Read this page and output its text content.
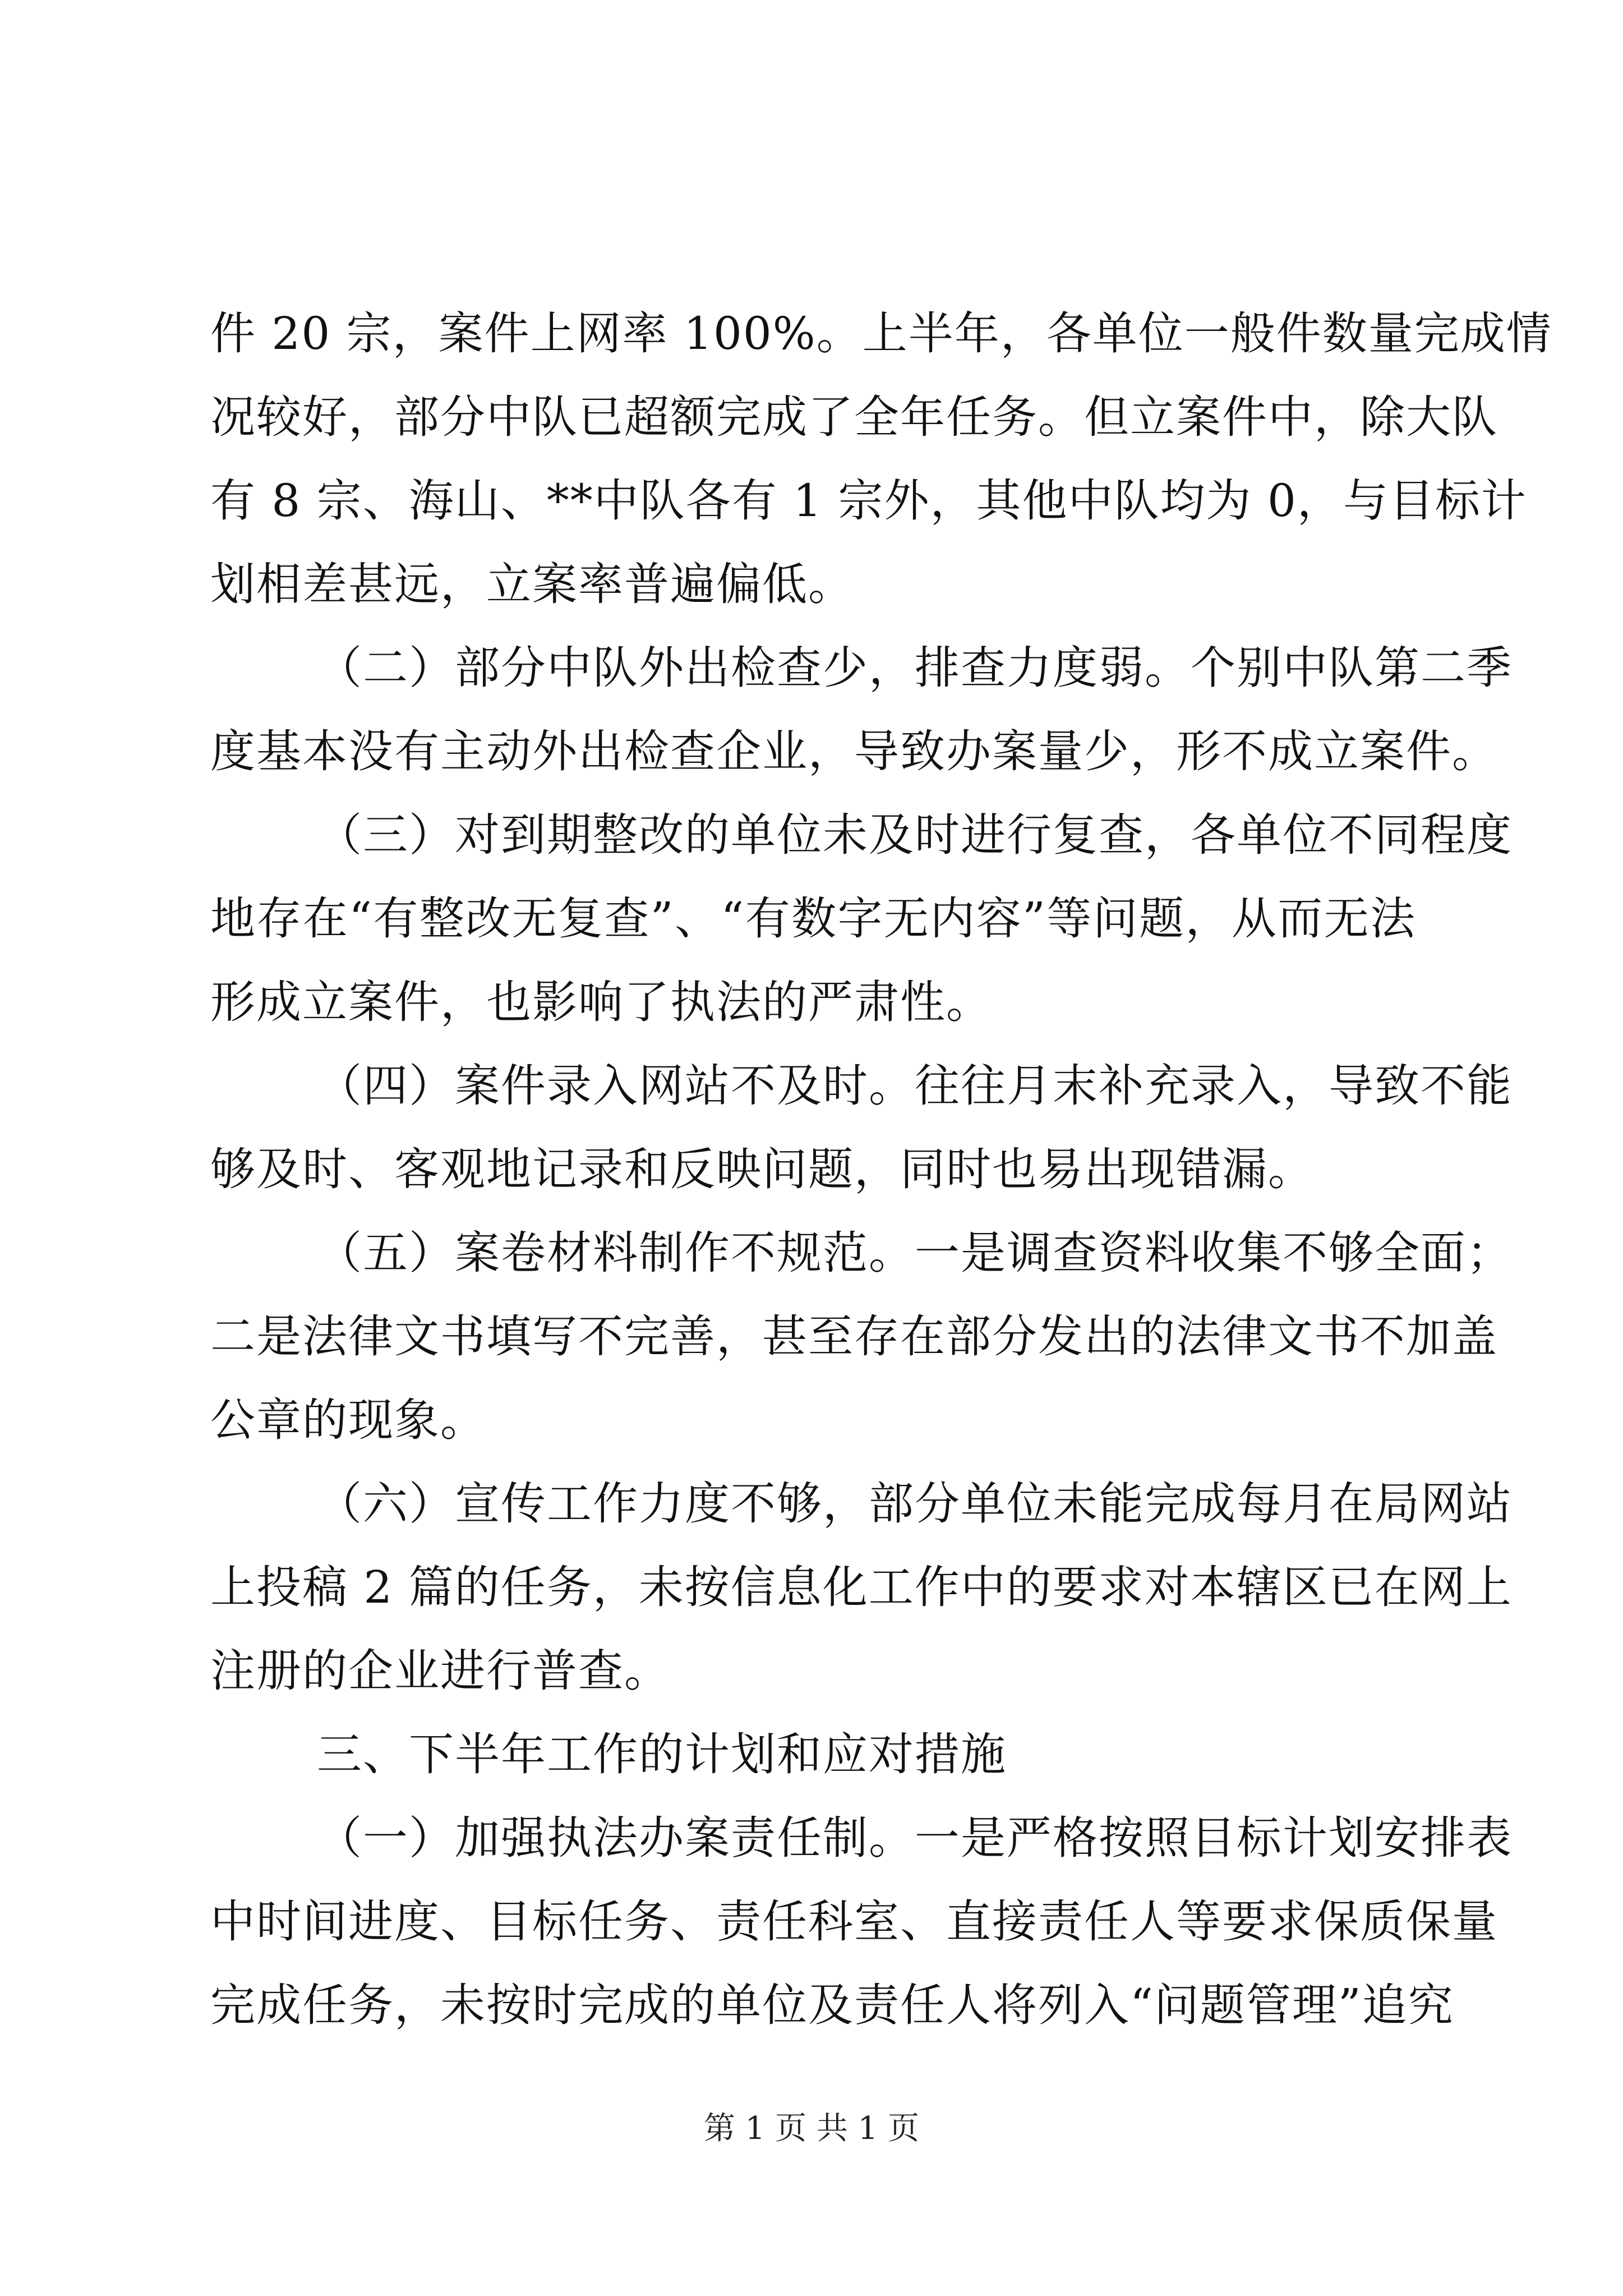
件 20 宗，案件上网率 100%。上半年，各单位一般件数量完成情
况较好，部分中队已超额完成了全年任务。但立案件中，除大队
有 8 宗、海山、**中队各有 1 宗外，其他中队均为 0，与目标计
划相差甚远，立案率普遍偏低。
（二）部分中队外出检查少，排查力度弱。个别中队第二季
度基本没有主动外出检查企业，导致办案量少，形不成立案件。
（三）对到期整改的单位未及时进行复查，各单位不同程度
地存在“有整改无复查”、“有数字无内容”等问题，从而无法
形成立案件，也影响了执法的严肃性。
（四）案件录入网站不及时。往往月末补充录入，导致不能
够及时、客观地记录和反映问题，同时也易出现错漏。
（五）案卷材料制作不规范。一是调查资料收集不够全面；
二是法律文书填写不完善，甚至存在部分发出的法律文书不加盖
公章的现象。
（六）宣传工作力度不够，部分单位未能完成每月在局网站
上投稿 2 篇的任务，未按信息化工作中的要求对本辖区已在网上
注册的企业进行普查。
三、下半年工作的计划和应对措施
（一）加强执法办案责任制。一是严格按照目标计划安排表
中时间进度、目标任务、责任科室、直接责任人等要求保质保量
完成任务，未按时完成的单位及责任人将列入“问题管理”追究
第 1 页 共 1 页
